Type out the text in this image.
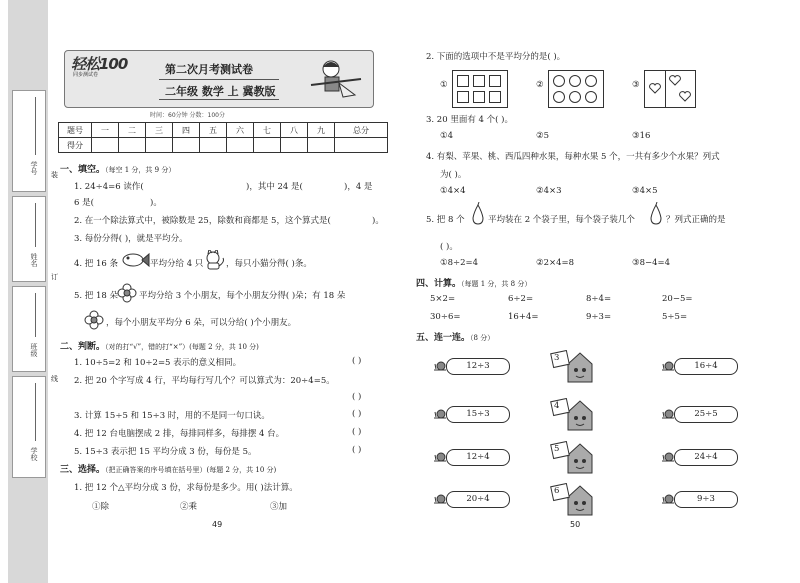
学号
姓名
班级
学校
装
订
线
轻松100
同步测试卷	第二次月考测试卷
二年级 数学 上 冀教版
时间：60分钟 分数：100分
题号	一	二	三	四	五	六	七	八	九	总分
得分										
一、填空。（每空 1 分，共 9 分）
1. 24÷4=6 读作(	)，其中 24 是(	)，4 是
6 是(	)。
2. 在一个除法算式中，被除数是 25，除数和商都是 5，这个算式是(	)。
3. 每份分得( )，就是平均分。
4. 把 16 条	平均分给 4 只	，每只小猫分得( )条。
5. 把 18 朵 平均分给 3 个小朋友，每个小朋友分得( )朵；有 18 朵
，每个小朋友平均分 6 朵，可以分给( )个小朋友。
二、判断。（对的打“√”，错的打“×”）(每题 2 分，共 10 分)
1. 10÷5=2 和 10÷2=5 表示的意义相同。	( )
2. 把 20 个字写成 4 行，平均每行写几个？可以算式为：20÷4=5。
( )
3. 计算 15÷5 和 15÷3 时，用的不是同一句口诀。	( )
4. 把 12 台电脑摆成 2 排，每排同样多，每排摆 4 台。	( )
5. 15÷3 表示把 15 平均分成 3 份，每份是 5。	( )
三、选择。（把正确答案的序号填在括号里）(每题 2 分，共 10 分)
1. 把 12 个△平均分成 3 份，求每份是多少。用( )法计算。
①除	②乘	③加
49
2. 下面的选项中不是平均分的是( )。
①	②	③
3. 20 里面有 4 个( )。
①4	②5	③16
4. 有梨、苹果、桃、西瓜四种水果，每种水果 5 个，一共有多少个水果？列式
为( )。
①4×4	②4×3	③4×5
5. 把 8 个	平均装在 2 个袋子里，每个袋子装几个	？列式正确的是
( )。
①8÷2=4	②2×4=8	③8−4=4
四、计算。（每题 1 分，共 8 分）
5×2=	6÷2=	8÷4=	20−5=
30÷6=	16+4=	9÷3=	5÷5=
五、连一连。（8 分）
12÷3
3
16÷4
15÷3
4
25÷5
12÷4
5
24÷4
20÷4
6
9÷3
50
